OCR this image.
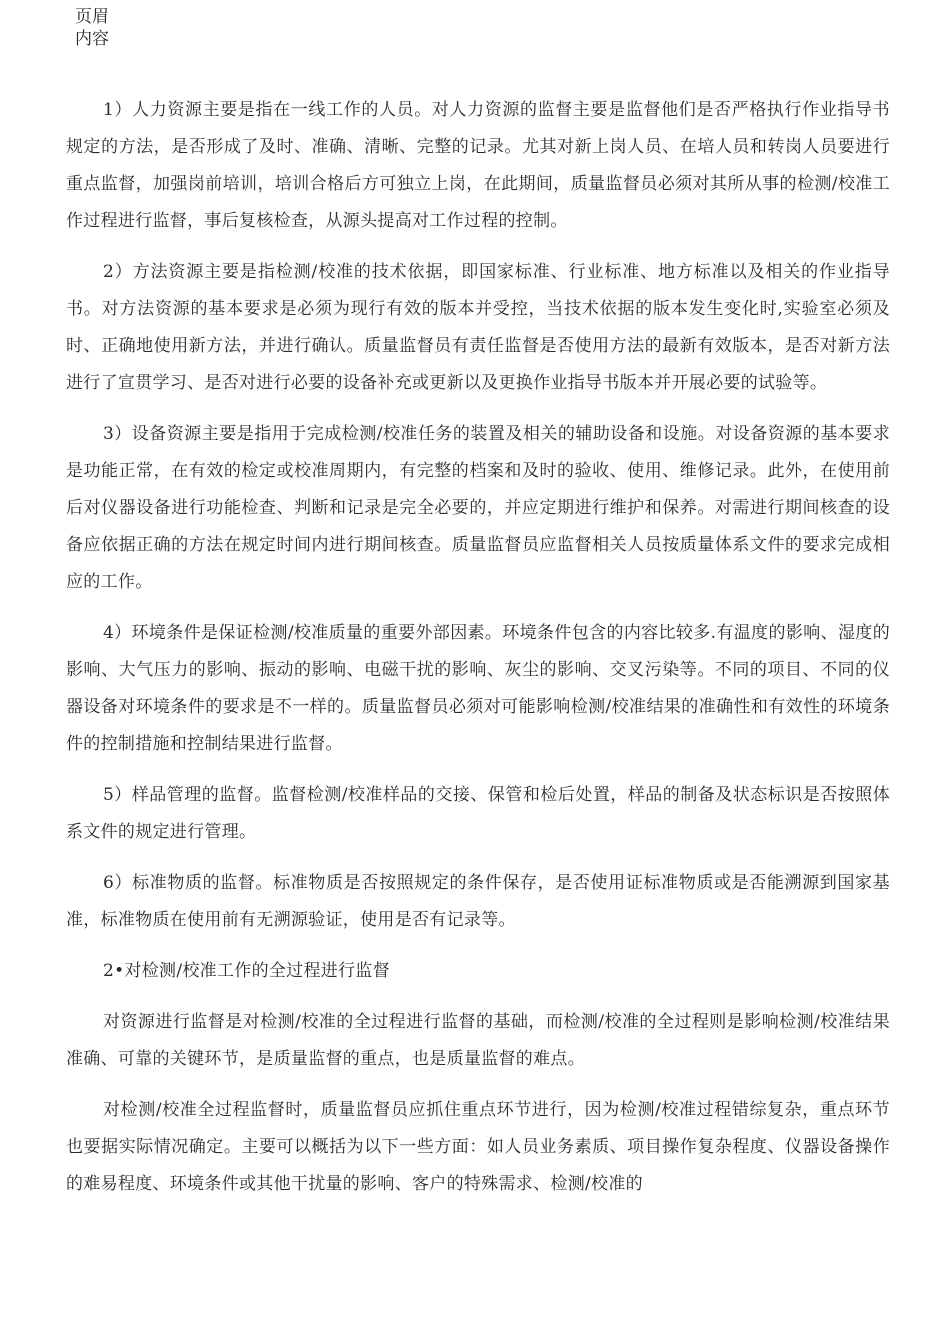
页眉
内容

1）人力资源主要是指在一线工作的人员。对人力资源的监督主要是监督他们是否严格执行作业指导书规定的方法，是否形成了及时、准确、清晰、完整的记录。尤其对新上岗人员、在培人员和转岗人员要进行重点监督，加强岗前培训，培训合格后方可独立上岗，在此期间，质量监督员必须对其所从事的检测/校准工作过程进行监督，事后复核检查，从源头提高对工作过程的控制。

2）方法资源主要是指检测/校准的技术依据，即国家标准、行业标准、地方标准以及相关的作业指导书。对方法资源的基本要求是必须为现行有效的版本并受控，当技术依据的版本发生变化时,实验室必须及时、正确地使用新方法，并进行确认。质量监督员有责任监督是否使用方法的最新有效版本，是否对新方法进行了宣贯学习、是否对进行必要的设备补充或更新以及更换作业指导书版本并开展必要的试验等。

3）设备资源主要是指用于完成检测/校准任务的装置及相关的辅助设备和设施。对设备资源的基本要求是功能正常，在有效的检定或校准周期内，有完整的档案和及时的验收、使用、维修记录。此外，在使用前后对仪器设备进行功能检查、判断和记录是完全必要的，并应定期进行维护和保养。对需进行期间核查的设备应依据正确的方法在规定时间内进行期间核查。质量监督员应监督相关人员按质量体系文件的要求完成相应的工作。

4）环境条件是保证检测/校准质量的重要外部因素。环境条件包含的内容比较多.有温度的影响、湿度的影响、大气压力的影响、振动的影响、电磁干扰的影响、灰尘的影响、交叉污染等。不同的项目、不同的仪器设备对环境条件的要求是不一样的。质量监督员必须对可能影响检测/校准结果的准确性和有效性的环境条件的控制措施和控制结果进行监督。

5）样品管理的监督。监督检测/校准样品的交接、保管和检后处置，样品的制备及状态标识是否按照体系文件的规定进行管理。

6）标准物质的监督。标准物质是否按照规定的条件保存，是否使用证标准物质或是否能溯源到国家基准，标准物质在使用前有无溯源验证，使用是否有记录等。

2•对检测/校准工作的全过程进行监督

对资源进行监督是对检测/校准的全过程进行监督的基础，而检测/校准的全过程则是影响检测/校准结果准确、可靠的关键环节，是质量监督的重点，也是质量监督的难点。

对检测/校准全过程监督时，质量监督员应抓住重点环节进行，因为检测/校准过程错综复杂，重点环节也要据实际情况确定。主要可以概括为以下一些方面：如人员业务素质、项目操作复杂程度、仪器设备操作的难易程度、环境条件或其他干扰量的影响、客户的特殊需求、检测/校准的
